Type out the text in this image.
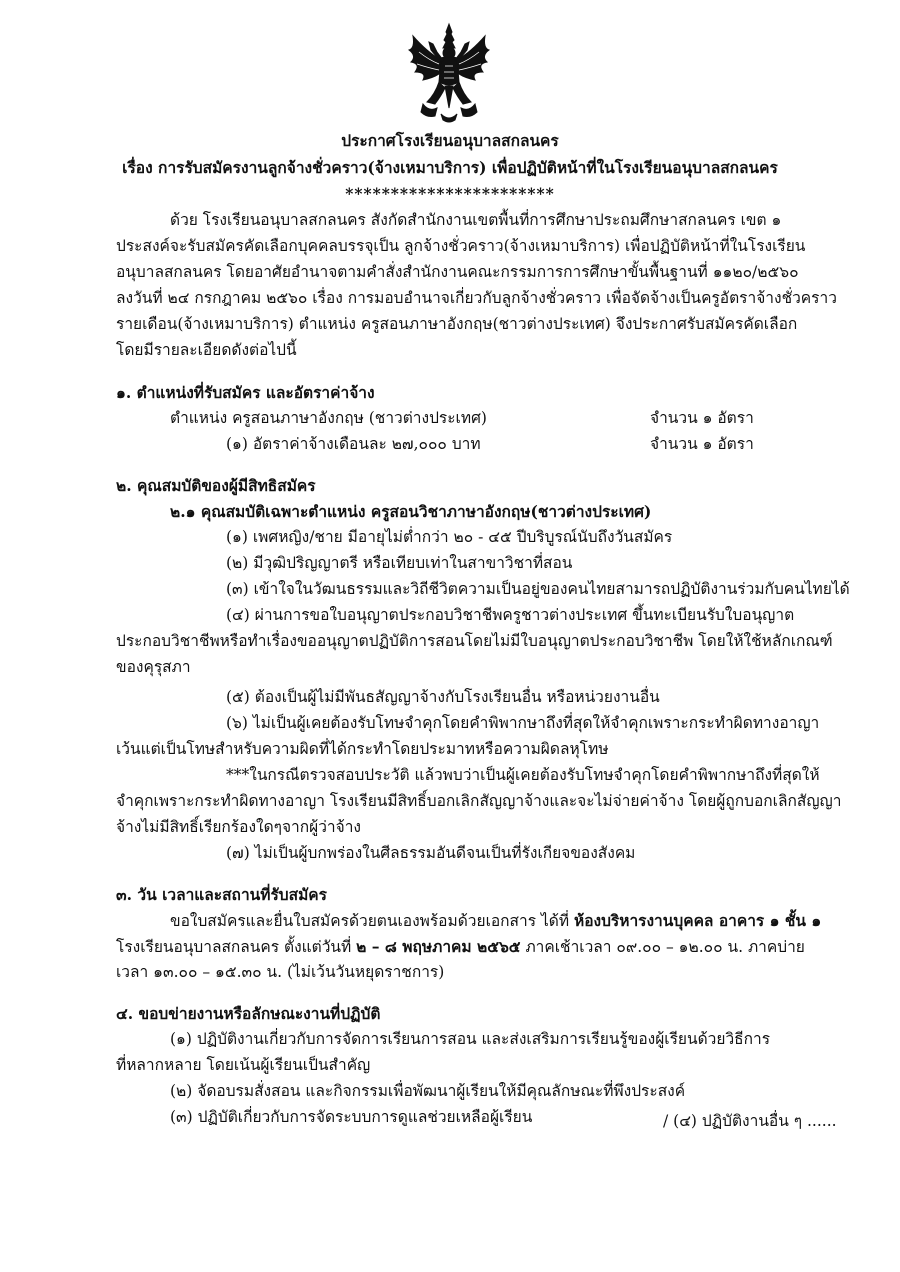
ประกาศโรงเรียนอนุบาลสกลนคร
เรื่อง การรับสมัครงานลูกจ้างชั่วคราว(จ้างเหมาบริการ) เพื่อปฏิบัติหน้าที่ในโรงเรียนอนุบาลสกลนคร
***********************
ด้วย โรงเรียนอนุบาลสกลนคร สังกัดสำนักงานเขตพื้นที่การศึกษาประถมศึกษาสกลนคร เขต ๑
ประสงค์จะรับสมัครคัดเลือกบุคคลบรรจุเป็น ลูกจ้างชั่วคราว(จ้างเหมาบริการ) เพื่อปฏิบัติหน้าที่ในโรงเรียน
อนุบาลสกลนคร โดยอาศัยอำนาจตามคำสั่งสำนักงานคณะกรรมการการศึกษาขั้นพื้นฐานที่ ๑๑๒๐/๒๕๖๐
ลงวันที่ ๒๔ กรกฎาคม ๒๕๖๐ เรื่อง การมอบอำนาจเกี่ยวกับลูกจ้างชั่วคราว เพื่อจัดจ้างเป็นครูอัตราจ้างชั่วคราว
รายเดือน(จ้างเหมาบริการ) ตำแหน่ง ครูสอนภาษาอังกฤษ(ชาวต่างประเทศ) จึงประกาศรับสมัครคัดเลือก
โดยมีรายละเอียดดังต่อไปนี้
๑. ตำแหน่งที่รับสมัคร และอัตราค่าจ้าง
ตำแหน่ง ครูสอนภาษาอังกฤษ (ชาวต่างประเทศ)	จำนวน ๑ อัตรา
(๑) อัตราค่าจ้างเดือนละ ๒๗,๐๐๐ บาท	จำนวน ๑ อัตรา
๒. คุณสมบัติของผู้มีสิทธิสมัคร
๒.๑ คุณสมบัติเฉพาะตำแหน่ง ครูสอนวิชาภาษาอังกฤษ(ชาวต่างประเทศ)
(๑) เพศหญิง/ชาย มีอายุไม่ต่ำกว่า ๒๐ - ๔๕ ปีบริบูรณ์นับถึงวันสมัคร
(๒) มีวุฒิปริญญาตรี หรือเทียบเท่าในสาขาวิชาที่สอน
(๓) เข้าใจในวัฒนธรรมและวิถีชีวิตความเป็นอยู่ของคนไทยสามารถปฏิบัติงานร่วมกับคนไทยได้
(๔) ผ่านการขอใบอนุญาตประกอบวิชาชีพครูชาวต่างประเทศ ขึ้นทะเบียนรับใบอนุญาต
ประกอบวิชาชีพหรือทำเรื่องขออนุญาตปฏิบัติการสอนโดยไม่มีใบอนุญาตประกอบวิชาชีพ โดยให้ใช้หลักเกณฑ์
ของคุรุสภา
(๕) ต้องเป็นผู้ไม่มีพันธสัญญาจ้างกับโรงเรียนอื่น หรือหน่วยงานอื่น
(๖) ไม่เป็นผู้เคยต้องรับโทษจำคุกโดยคำพิพากษาถึงที่สุดให้จำคุกเพราะกระทำผิดทางอาญา
เว้นแต่เป็นโทษสำหรับความผิดที่ได้กระทำโดยประมาทหรือความผิดลหุโทษ
***ในกรณีตรวจสอบประวัติ แล้วพบว่าเป็นผู้เคยต้องรับโทษจำคุกโดยคำพิพากษาถึงที่สุดให้
จำคุกเพราะกระทำผิดทางอาญา โรงเรียนมีสิทธิ์บอกเลิกสัญญาจ้างและจะไม่จ่ายค่าจ้าง โดยผู้ถูกบอกเลิกสัญญา
จ้างไม่มีสิทธิ์เรียกร้องใดๆจากผู้ว่าจ้าง
(๗) ไม่เป็นผู้บกพร่องในศีลธรรมอันดีจนเป็นที่รังเกียจของสังคม
๓. วัน เวลาและสถานที่รับสมัคร
ขอใบสมัครและยื่นใบสมัครด้วยตนเองพร้อมด้วยเอกสาร ได้ที่ ห้องบริหารงานบุคคล อาคาร ๑ ชั้น ๑
โรงเรียนอนุบาลสกลนคร ตั้งแต่วันที่ ๒ – ๘ พฤษภาคม ๒๕๖๕ ภาคเช้าเวลา ๐๙.๐๐ – ๑๒.๐๐ น. ภาคบ่าย
เวลา ๑๓.๐๐ – ๑๕.๓๐ น. (ไม่เว้นวันหยุดราชการ)
๔. ขอบข่ายงานหรือลักษณะงานที่ปฏิบัติ
(๑) ปฏิบัติงานเกี่ยวกับการจัดการเรียนการสอน และส่งเสริมการเรียนรู้ของผู้เรียนด้วยวิธีการ
ที่หลากหลาย โดยเน้นผู้เรียนเป็นสำคัญ
(๒) จัดอบรมสั่งสอน และกิจกรรมเพื่อพัฒนาผู้เรียนให้มีคุณลักษณะที่พึงประสงค์
(๓) ปฏิบัติเกี่ยวกับการจัดระบบการดูแลช่วยเหลือผู้เรียน	/ (๔) ปฏิบัติงานอื่น ๆ ......
